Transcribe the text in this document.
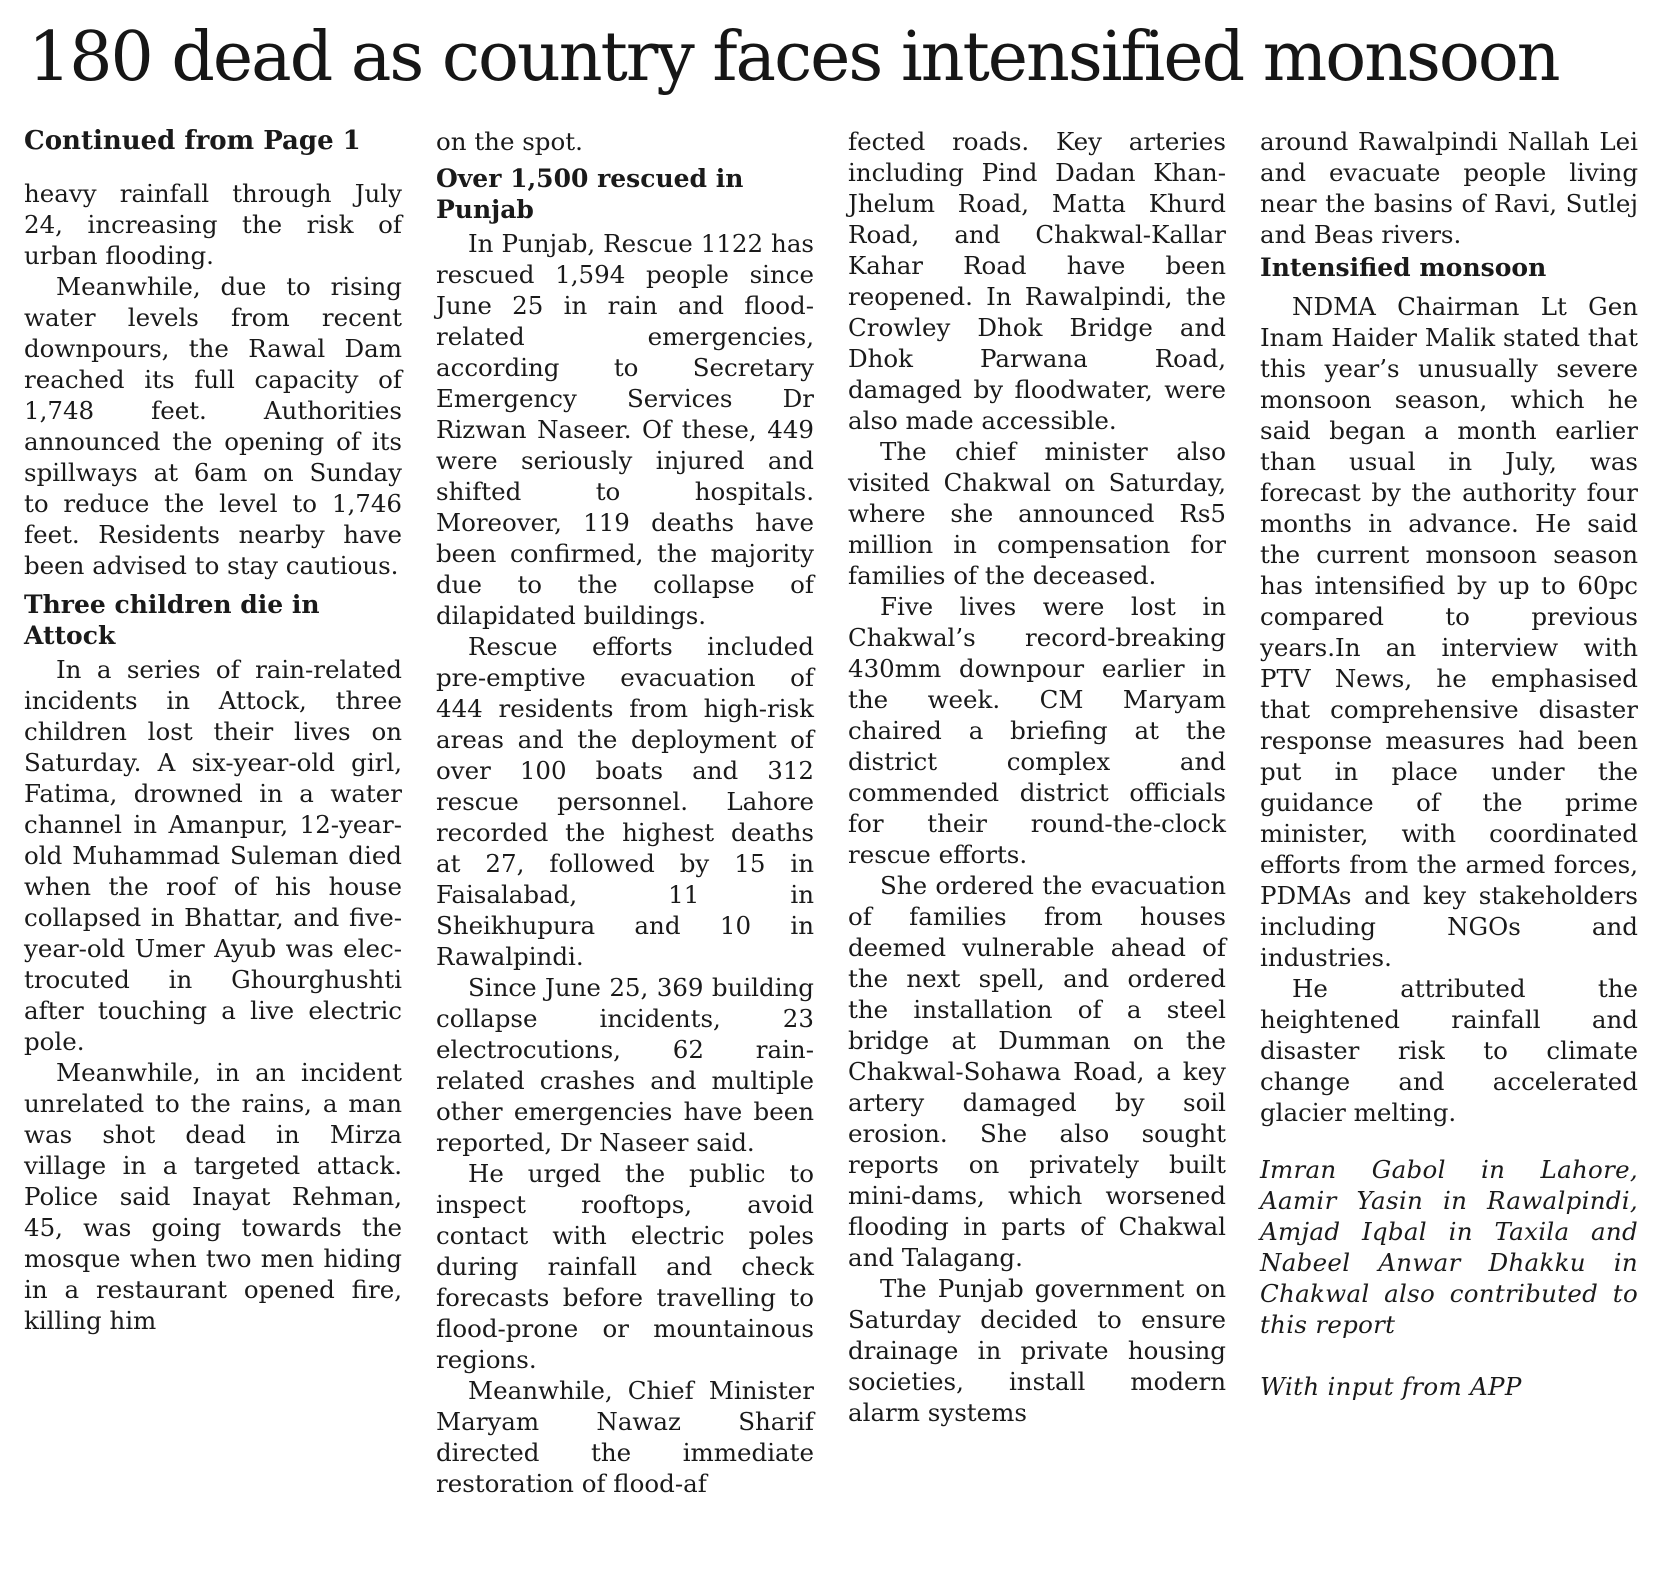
180 dead as country faces intensified monsoon
Continued from Page 1

heavy rainfall through July 24, increasing the risk of urban flooding.

Meanwhile, due to rising water levels from recent downpours, the Rawal Dam reached its full capacity of 1,748 feet. Authorities announced the opening of its spillways at 6am on Sunday to reduce the level to 1,746 feet. Residents nearby have been advised to stay cautious.

Three children die in Attock

In a series of rain-related incidents in Attock, three children lost their lives on Saturday. A six-year-old girl, Fatima, drowned in a water channel in Amanpur, 12-year-old Muhammad Suleman died when the roof of his house collapsed in Bhattar, and five-year-old Umer Ayub was electrocuted in Ghourghushti after touching a live electric pole.

Meanwhile, in an incident unrelated to the rains, a man was shot dead in Mirza village in a targeted attack. Police said Inayat Rehman, 45, was going towards the mosque when two men hiding in a restaurant opened fire, killing him

on the spot.

Over 1,500 rescued in Punjab

In Punjab, Rescue 1122 has rescued 1,594 people since June 25 in rain and flood-related emergencies, according to Secretary Emergency Services Dr Rizwan Naseer. Of these, 449 were seriously injured and shifted to hospitals. Moreover, 119 deaths have been confirmed, the majority due to the collapse of dilapidated buildings.

Rescue efforts included pre-emptive evacuation of 444 residents from high-risk areas and the deployment of over 100 boats and 312 rescue personnel. Lahore recorded the highest deaths at 27, followed by 15 in Faisalabad, 11 in Sheikhupura and 10 in Rawalpindi.

Since June 25, 369 building collapse incidents, 23 electrocutions, 62 rain-related crashes and multiple other emergencies have been reported, Dr Naseer said.

He urged the public to inspect rooftops, avoid contact with electric poles during rainfall and check forecasts before travelling to flood-prone or mountainous regions.

Meanwhile, Chief Minister Maryam Nawaz Sharif directed the immediate restoration of flood-af

fected roads. Key arteries including Pind Dadan Khan-Jhelum Road, Matta Khurd Road, and Chakwal-Kallar Kahar Road have been reopened. In Rawalpindi, the Crowley Dhok Bridge and Dhok Parwana Road, damaged by floodwater, were also made accessible.

The chief minister also visited Chakwal on Saturday, where she announced Rs5 million in compensation for families of the deceased.

Five lives were lost in Chakwal’s record-breaking 430mm downpour earlier in the week. CM Maryam chaired a briefing at the district complex and commended district officials for their round-the-clock rescue efforts.

She ordered the evacuation of families from houses deemed vulnerable ahead of the next spell, and ordered the installation of a steel bridge at Dumman on the Chakwal-Sohawa Road, a key artery damaged by soil erosion. She also sought reports on privately built mini-dams, which worsened flooding in parts of Chakwal and Talagang.

The Punjab government on Saturday decided to ensure drainage in private housing societies, install modern alarm systems

around Rawalpindi Nallah Lei and evacuate people living near the basins of Ravi, Sutlej and Beas rivers.

Intensified monsoon

NDMA Chairman Lt Gen Inam Haider Malik stated that this year’s unusually severe monsoon season, which he said began a month earlier than usual in July, was forecast by the authority four months in advance. He said the current monsoon season has intensified by up to 60pc compared to previous years.In an interview with PTV News, he emphasised that comprehensive disaster response measures had been put in place under the guidance of the prime minister, with coordinated efforts from the armed forces, PDMAs and key stakeholders including NGOs and industries.

He attributed the heightened rainfall and disaster risk to climate change and accelerated glacier melting.

Imran Gabol in Lahore, Aamir Yasin in Rawalpindi, Amjad Iqbal in Taxila and Nabeel Anwar Dhakku in Chakwal also contributed to this report

With input from APP
